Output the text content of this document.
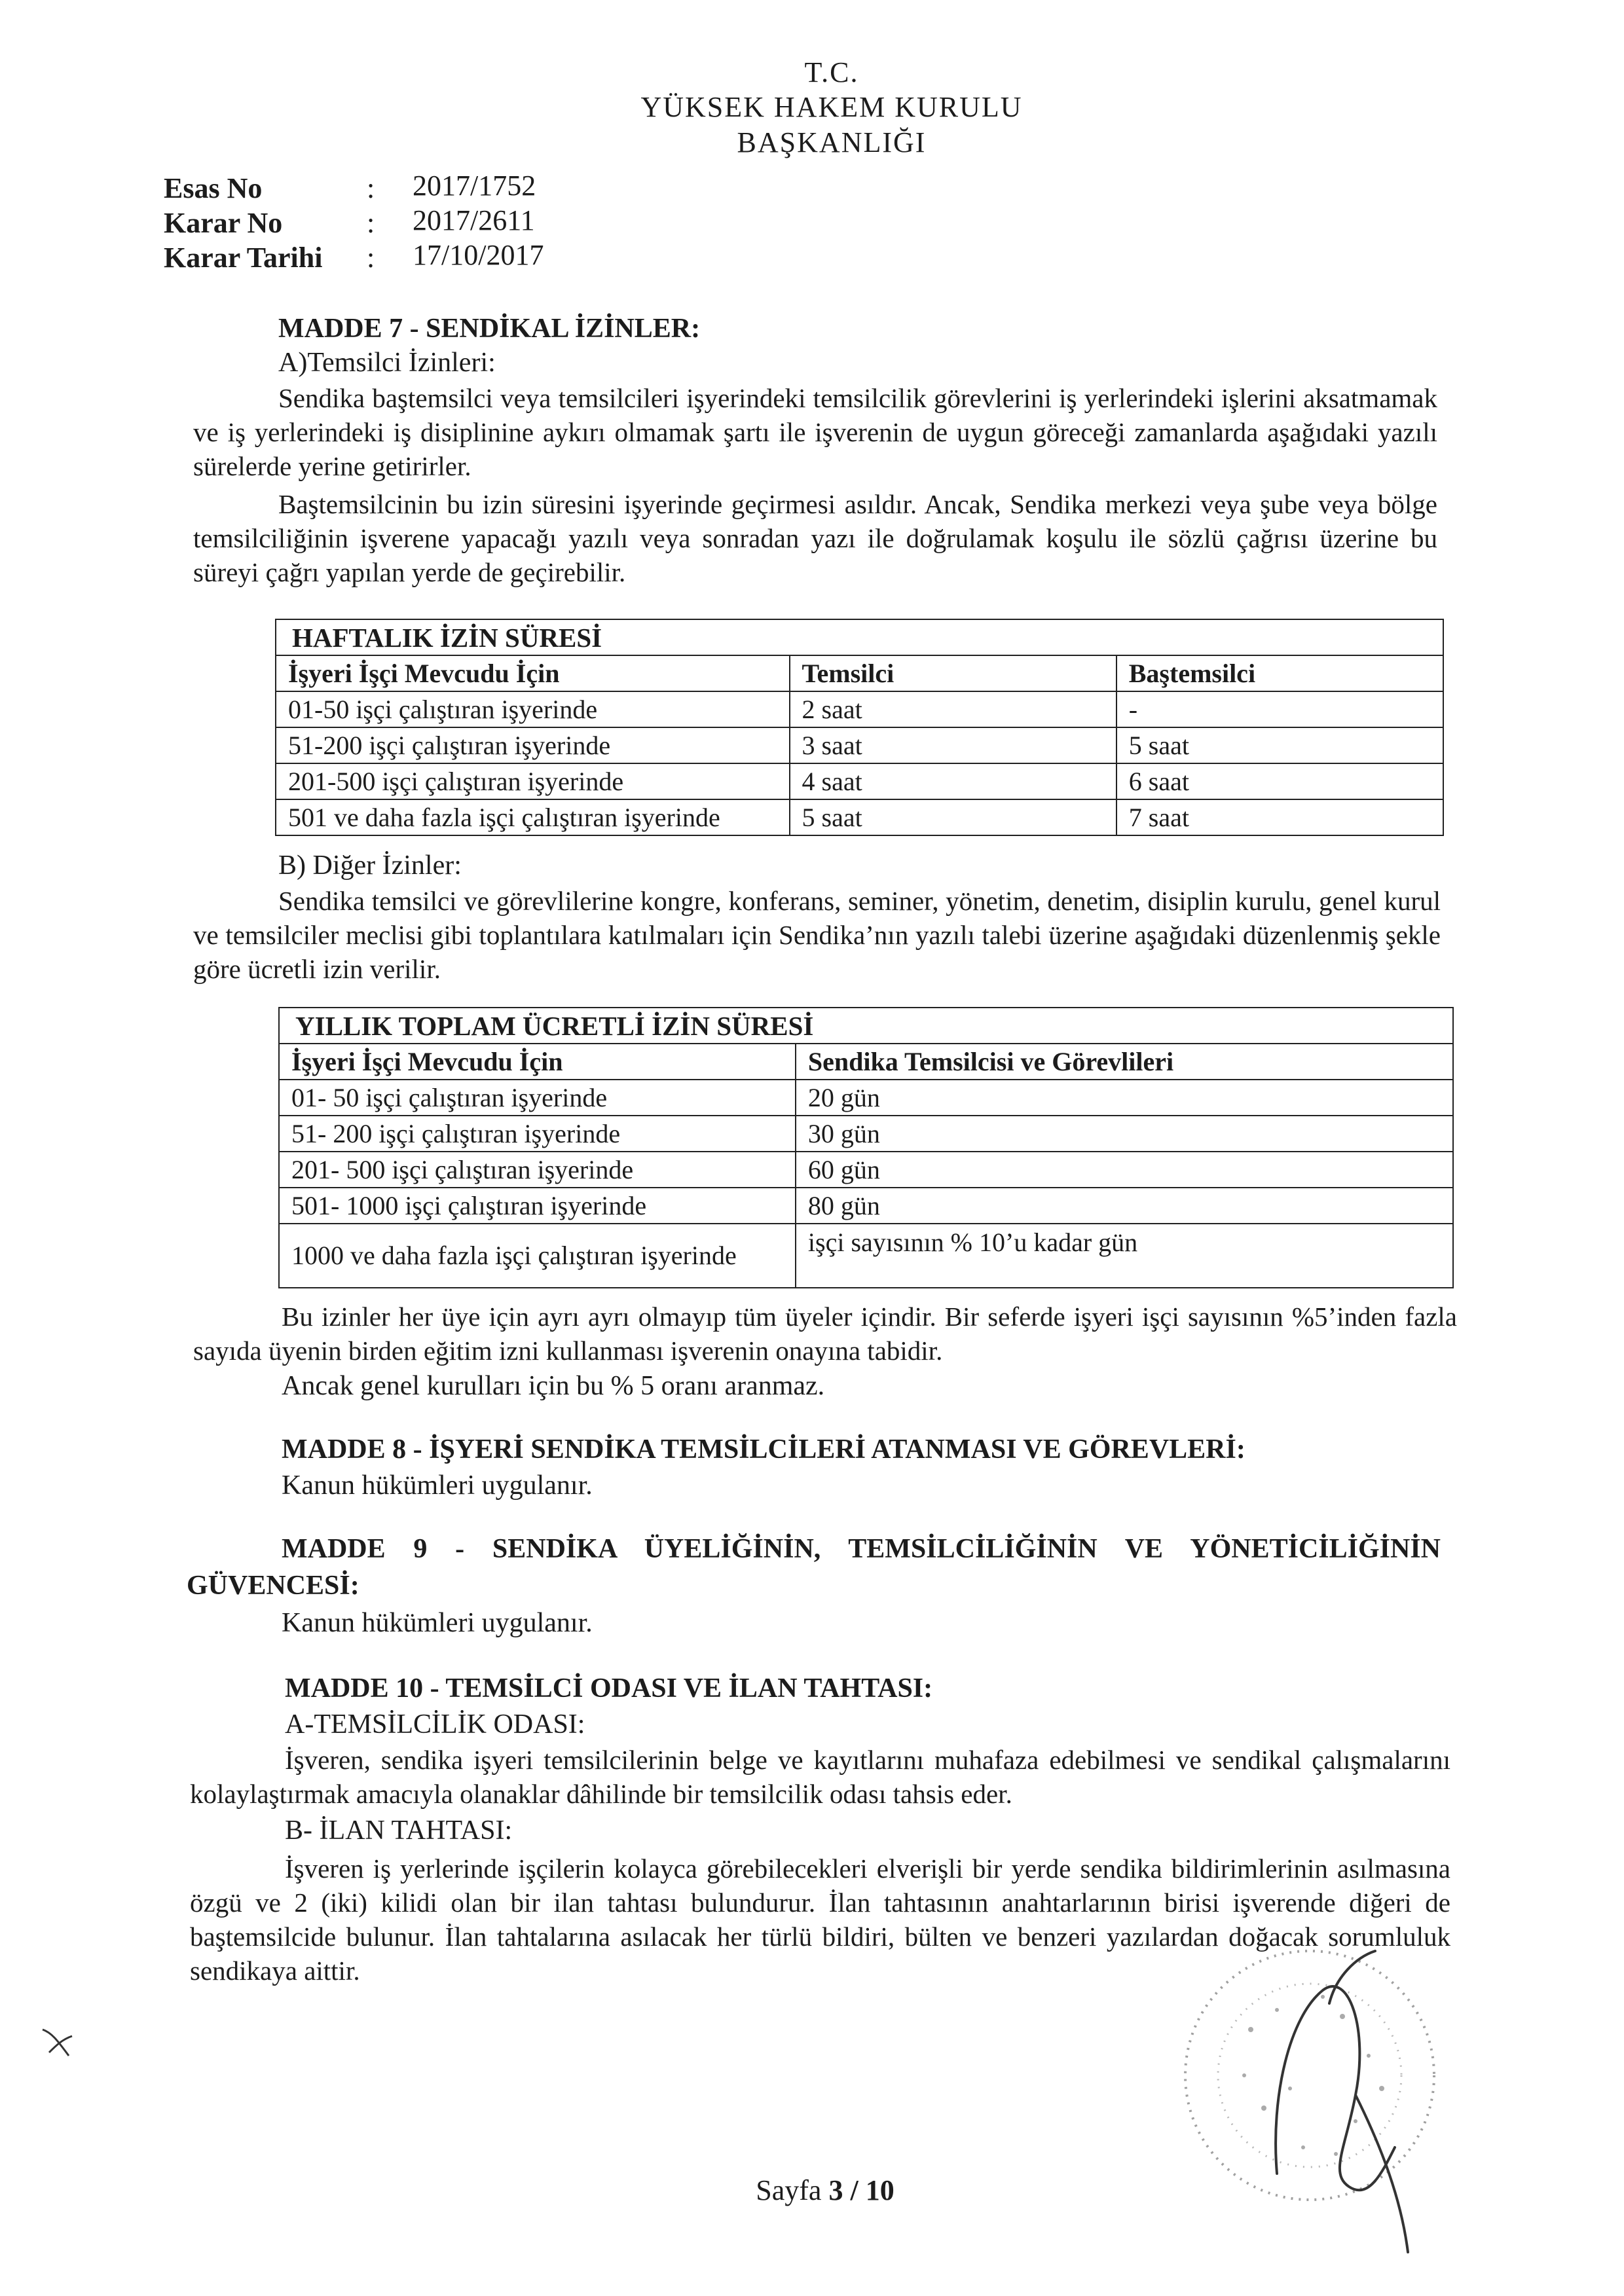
T.C.
YÜKSEK HAKEM KURULU
BAŞKANLIĞI
Esas No	: 2017/1752
Karar No	: 2017/2611
Karar Tarihi : 17/10/2017
MADDE 7 - SENDİKAL İZİNLER:
A)Temsilci İzinleri:

Sendika baştemsilci veya temsilcileri işyerindeki temsilcilik görevlerini iş yerlerindeki işlerini aksatmamak ve iş yerlerindeki iş disiplinine aykırı olmamak şartı ile işverenin de uygun göreceği zamanlarda aşağıdaki yazılı sürelerde yerine getirirler.

Baştemsilcinin bu izin süresini işyerinde geçirmesi asıldır. Ancak, Sendika merkezi veya şube veya bölge temsilciliğinin işverene yapacağı yazılı veya sonradan yazı ile doğrulamak koşulu ile sözlü çağrısı üzerine bu süreyi çağrı yapılan yerde de geçirebilir.

HAFTALIK İZİN SÜRESİ		
İşyeri İşçi Mevcudu İçin	Temsilci	Baştemsilci
01-50 işçi çalıştıran işyerinde	2 saat	-
51-200 işçi çalıştıran işyerinde	3 saat	5 saat
201-500 işçi çalıştıran işyerinde	4 saat	6 saat
501 ve daha fazla işçi çalıştıran işyerinde	5 saat	7 saat
B) Diğer İzinler:

Sendika temsilci ve görevlilerine kongre, konferans, seminer, yönetim, denetim, disiplin kurulu, genel kurul ve temsilciler meclisi gibi toplantılara katılmaları için Sendika’nın yazılı talebi üzerine aşağıdaki düzenlenmiş şekle göre ücretli izin verilir.

YILLIK TOPLAM ÜCRETLİ İZİN SÜRESİ	
İşyeri İşçi Mevcudu İçin	Sendika Temsilcisi ve Görevlileri
01- 50 işçi çalıştıran işyerinde	20 gün
51- 200 işçi çalıştıran işyerinde	30 gün
201- 500 işçi çalıştıran işyerinde	60 gün
501- 1000 işçi çalıştıran işyerinde	80 gün
1000 ve daha fazla işçi çalıştıran işyerinde	işçi sayısının % 10’u kadar gün

Bu izinler her üye için ayrı ayrı olmayıp tüm üyeler içindir. Bir seferde işyeri işçi sayısının %5’inden fazla sayıda üyenin birden eğitim izni kullanması işverenin onayına tabidir.

Ancak genel kurulları için bu % 5 oranı aranmaz.
MADDE 8 - İŞYERİ SENDİKA TEMSİLCİLERİ ATANMASI VE GÖREVLERİ:
Kanun hükümleri uygulanır.

MADDE 9 - SENDİKA ÜYELİĞİNİN, TEMSİLCİLİĞİNİN VE YÖNETİCİLİĞİNİN GÜVENCESİ:

Kanun hükümleri uygulanır.
MADDE 10 - TEMSİLCİ ODASI VE İLAN TAHTASI:
A-TEMSİLCİLİK ODASI:

İşveren, sendika işyeri temsilcilerinin belge ve kayıtlarını muhafaza edebilmesi ve sendikal çalışmalarını kolaylaştırmak amacıyla olanaklar dâhilinde bir temsilcilik odası tahsis eder.

B- İLAN TAHTASI:

İşveren iş yerlerinde işçilerin kolayca görebilecekleri elverişli bir yerde sendika bildirimlerinin asılmasına özgü ve 2 (iki) kilidi olan bir ilan tahtası bulundurur. İlan tahtasının anahtarlarının birisi işverende diğeri de baştemsilcide bulunur. İlan tahtalarına asılacak her türlü bildiri, bülten ve benzeri yazılardan doğacak sorumluluk sendikaya aittir.

Sayfa 3 / 10
